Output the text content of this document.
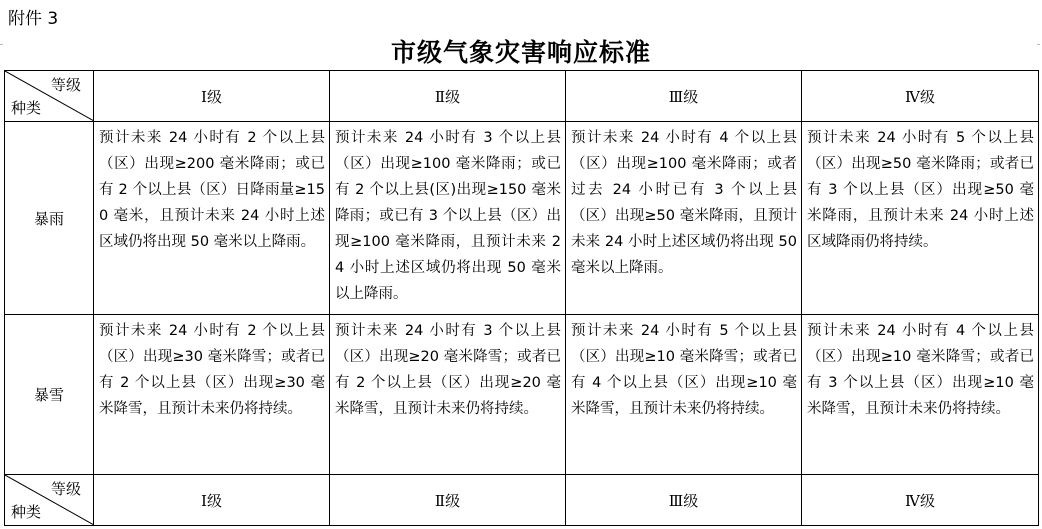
附件 3
市级气象灾害响应标准
等级
种类	Ⅰ级	Ⅱ级	Ⅲ级	Ⅳ级
暴雨	预计未来 24 小时有 2 个以上县（区）出现≥200 毫米降雨；或已有 2 个以上县（区）日降雨量≥150 毫米，且预计未来 24 小时上述区域仍将出现 50 毫米以上降雨。	预计未来 24 小时有 3 个以上县（区）出现≥100 毫米降雨；或已有 2 个以上县(区)出现≥150 毫米降雨；或已有 3 个以上县（区）出现≥100 毫米降雨，且预计未来 24 小时上述区域仍将出现 50 毫米以上降雨。	预计未来 24 小时有 4 个以上县（区）出现≥100 毫米降雨；或者过去 24 小时已有 3 个以上县（区）出现≥50 毫米降雨，且预计未来 24 小时上述区域仍将出现 50 毫米以上降雨。	预计未来 24 小时有 5 个以上县（区）出现≥50 毫米降雨；或者已有 3 个以上县（区）出现≥50 毫米降雨，且预计未来 24 小时上述区域降雨仍将持续。
暴雪	预计未来 24 小时有 2 个以上县（区）出现≥30 毫米降雪；或者已有 2 个以上县（区）出现≥30 毫米降雪，且预计未来仍将持续。	预计未来 24 小时有 3 个以上县（区）出现≥20 毫米降雪；或者已有 2 个以上县（区）出现≥20 毫米降雪，且预计未来仍将持续。	预计未来 24 小时有 5 个以上县（区）出现≥10 毫米降雪；或者已有 4 个以上县（区）出现≥10 毫米降雪，且预计未来仍将持续。	预计未来 24 小时有 4 个以上县（区）出现≥10 毫米降雪；或者已有 3 个以上县（区）出现≥10 毫米降雪，且预计未来仍将持续。

等级
种类	Ⅰ级	Ⅱ级	Ⅲ级	Ⅳ级
